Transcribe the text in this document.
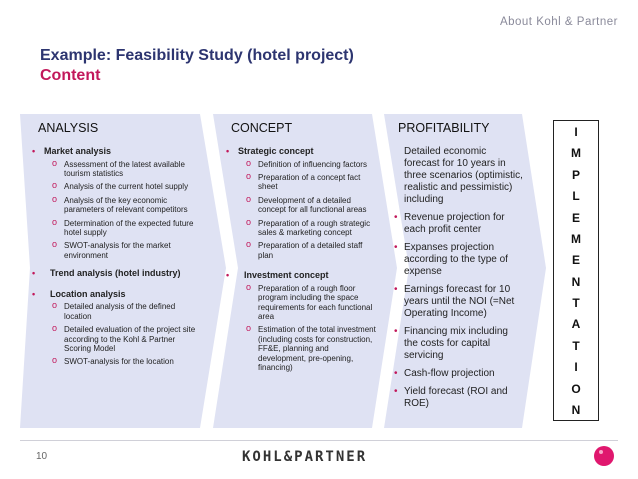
About Kohl & Partner
Example: Feasibility Study (hotel project)
Content
ANALYSIS	CONCEPT	PROFITABILITY
• Market analysis
o Assessment of the latest available tourism statistics
o Analysis of the current hotel supply
o Analysis of the key economic parameters of relevant competitors
o Determination of the expected future hotel supply
o SWOT-analysis for the market environment
• Trend analysis (hotel industry)
• Location analysis
o Detailed analysis of the defined location
o Detailed evaluation of the project site according to the Kohl & Partner Scoring Model
o SWOT-analysis for the location
• Strategic concept
o Definition of influencing factors
o Preparation of a concept fact sheet
o Development of a detailed concept for all functional areas
o Preparation of a rough strategic sales & marketing concept
o Preparation of a detailed staff plan
• Investment concept
o Preparation of a rough floor program including the space requirements for each functional area
o Estimation of the total investment (including costs for construction, FF&E, planning and development, pre-opening, financing)
Detailed economic forecast for 10 years in three scenarios (optimistic, realistic and pessimistic) including
• Revenue projection for each profit center
• Expanses projection according to the type of expense
• Earnings forecast for 10 years until the NOI (=Net Operating Income)
• Financing mix including the costs for capital servicing
• Cash-flow projection
• Yield forecast (ROI and ROE)
I
M
P
L
E
M
E
N
T
A
T
I
O
N
10	KOHL&PARTNER
